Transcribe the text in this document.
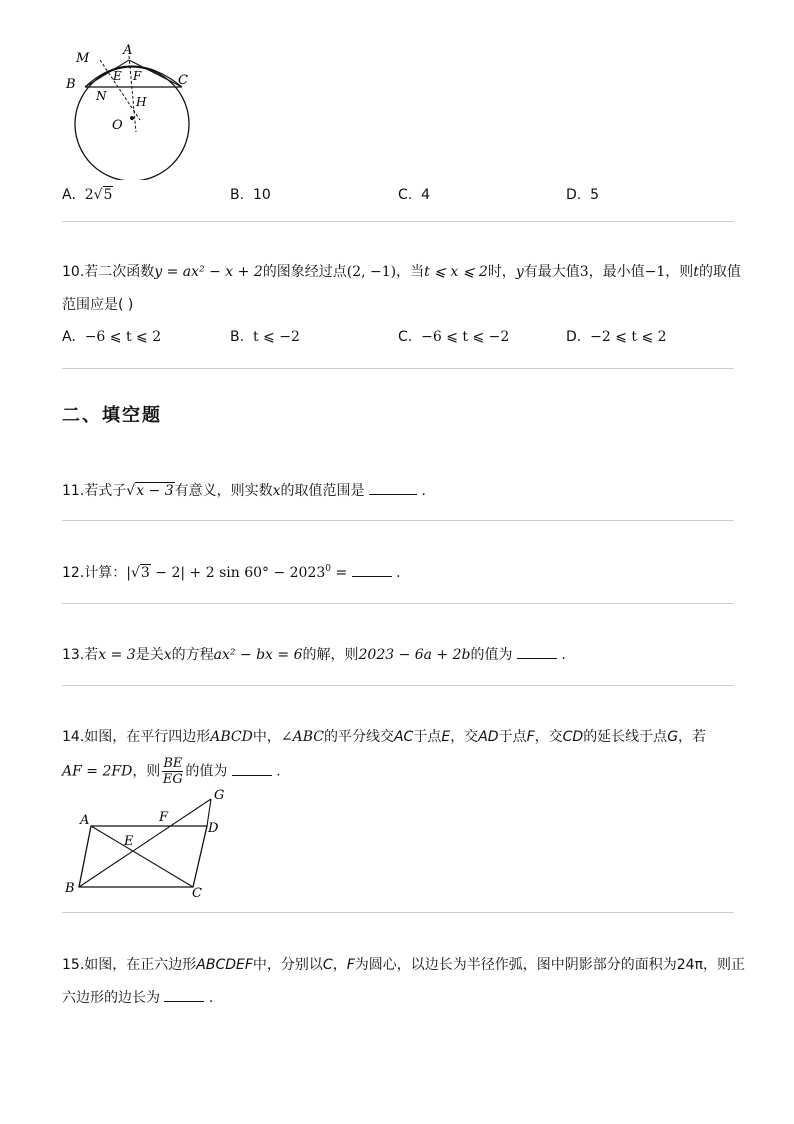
M
A
B	C
E F
N H
O
A. 2√5	B. 10	C. 4	D. 5
10.若二次函数y = ax² − x + 2的图象经过点(2, −1)，当t ⩽ x ⩽ 2时，y有最大值3，最小值−1，则t的取值
范围应是( )
A. −6 ⩽ t ⩽ 2	B. t ⩽ −2	C. −6 ⩽ t ⩽ −2	D. −2 ⩽ t ⩽ 2
二、填空题
11.若式子√x − 3有意义，则实数x的取值范围是	.
12.计算：|√3 − 2| + 2 $\sin 60^\circ - 2023^0$ =	.
13.若x = 3是关x的方程ax² − bx = 6的解，则2023 − 6a + 2b的值为	.
14.如图，在平行四边形ABCD中，∠ABC的平分线交AC于点E，交AD于点F，交CD的延长线于点G，若
AF = 2FD，则 $\frac{BE}{EG}$ 的值为	.
A	F
G
D
E
B	C
15.如图，在正六边形ABCDEF中，分别以C，F为圆心，以边长为半径作弧，图中阴影部分的面积为24π，则正
六边形的边长为	.
